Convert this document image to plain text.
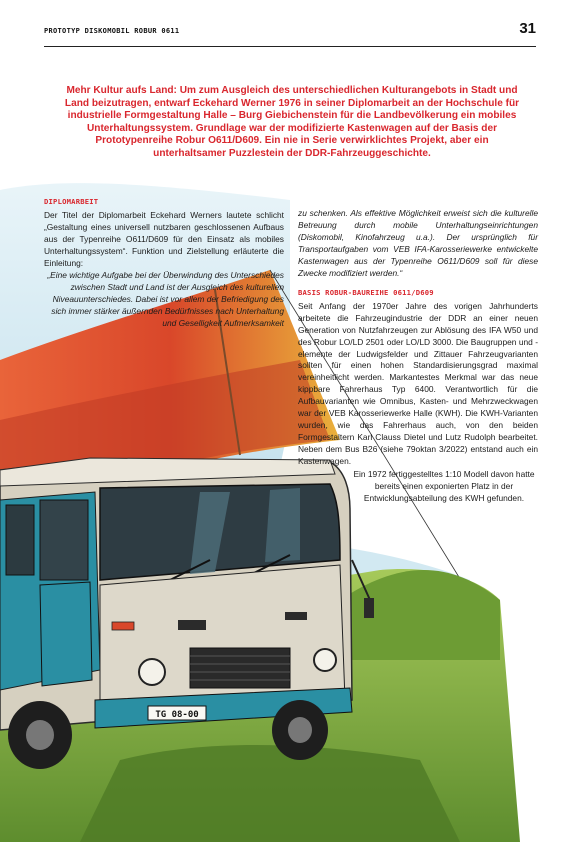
TG 08-00
PROTOTYP DISKOMOBIL ROBUR 0611	31
Mehr Kultur aufs Land: Um zum Ausgleich des unterschiedlichen Kulturangebots in Stadt und Land beizutragen, entwarf Eckehard Werner 1976 in seiner Diplomarbeit an der Hochschule für industrielle Formgestaltung Halle – Burg Giebichenstein für die Landbevölkerung ein mobiles Unterhaltungssystem. Grundlage war der modifizierte Kastenwagen auf der Basis der Prototypenreihe Robur O611/D609. Ein nie in Serie verwirklichtes Projekt, aber ein unterhaltsamer Puzzlestein der DDR-Fahrzeuggeschichte.
DIPLOMARBEIT

Der Titel der Diplomarbeit Eckehard Werners lautete schlicht „Gestaltung eines universell nutzbaren geschlossenen Aufbaus aus der Typenreihe O611/D609 für den Einsatz als mobiles Unterhaltungssystem“. Funktion und Zielstellung erläuterte die Einleitung:

„Eine wichtige Aufgabe bei der Überwindung des Unterschiedes zwischen Stadt und Land ist der Ausgleich des kulturellen Niveauunterschiedes. Dabei ist vor allem der Befriedigung des sich immer stärker äußernden Bedürfnisses nach Unterhaltung und Geselligkeit Aufmerksamkeit

zu schenken. Als effektive Möglichkeit erweist sich die kulturelle Betreuung durch mobile Unterhaltungseinrichtungen (Diskomobil, Kinofahrzeug u.a.). Der ursprünglich für Transportaufgaben vom VEB IFA-Karosseriewerke entwickelte Kastenwagen aus der Typenreihe O611/D609 soll für diese Zwecke modifiziert werden.“

BASIS ROBUR-BAUREIHE 0611/D609

Seit Anfang der 1970er Jahre des vorigen Jahrhunderts arbeitete die Fahrzeugindustrie der DDR an einer neuen Generation von Nutzfahrzeugen zur Ablösung des IFA W50 und des Robur LO/LD 2501 oder LO/LD 3000. Die Baugruppen und -elemente der Ludwigsfelder und Zittauer Fahrzeugvarianten sollten für einen hohen Standardisierungsgrad maximal vereinheitlicht werden. Markantestes Merkmal war das neue kippbare Fahrerhaus Typ 6400. Verantwortlich für die Aufbauvarianten wie Omnibus, Kasten- und Mehrzweckwagen war der VEB Karosseriewerke Halle (KWH). Die KWH-Varianten wurden, wie das Fahrerhaus auch, von den beiden Formgestaltern Karl Clauss Dietel und Lutz Rudolph bearbeitet. Neben dem Bus B26 (siehe 79oktan 3/2022) entstand auch ein Kastenwagen.

Ein 1972 fertiggestelltes 1:10 Modell davon hatte bereits einen exponierten Platz in der Entwicklungsabteilung des KWH gefunden.
